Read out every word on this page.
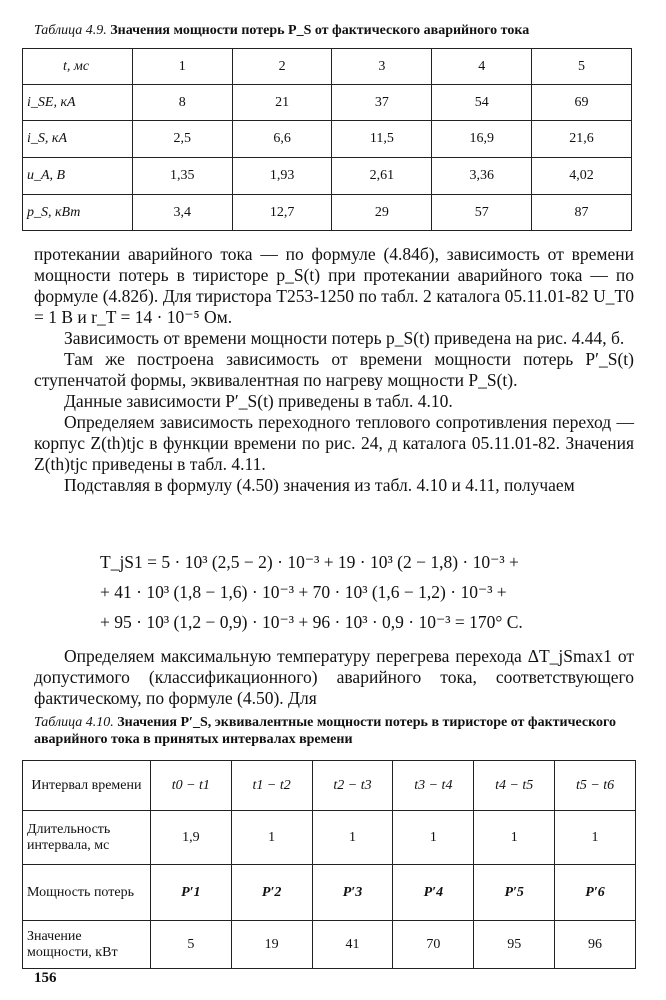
Таблица 4.9. Значения мощности потерь P_S от фактического аварийного тока
t, мс	1	2	3	4	5
i_SE, кА	8	21	37	54	69
i_S, кА	2,5	6,6	11,5	16,9	21,6
u_A, В	1,35	1,93	2,61	3,36	4,02
p_S, кВт	3,4	12,7	29	57	87

протекании аварийного тока — по формуле (4.84б), зависимость от времени мощности потерь в тиристоре p_S(t) при протекании аварийного тока — по формуле (4.82б). Для тиристора Т253-1250 по табл. 2 каталога 05.11.01-82 U_T0 = 1 В и r_T = 14 · 10⁻⁵ Ом.

Зависимость от времени мощности потерь p_S(t) приведена на рис. 4.44, б.

Там же построена зависимость от времени мощности потерь P′_S(t) ступенчатой формы, эквивалентная по нагреву мощности P_S(t).

Данные зависимости P′_S(t) приведены в табл. 4.10.

Определяем зависимость переходного теплового сопротивления переход — корпус Z(th)tjc в функции времени по рис. 24, д каталога 05.11.01-82. Значения Z(th)tjc приведены в табл. 4.11.

Подставляя в формулу (4.50) значения из табл. 4.10 и 4.11, получаем

T_jS1 = 5 · 10³ (2,5 − 2) · 10⁻³ + 19 · 10³ (2 − 1,8) · 10⁻³ +
+ 41 · 10³ (1,8 − 1,6) · 10⁻³ + 70 · 10³ (1,6 − 1,2) · 10⁻³ +
+ 95 · 10³ (1,2 − 0,9) · 10⁻³ + 96 · 10³ · 0,9 · 10⁻³ = 170° C.

Определяем максимальную температуру перегрева перехода ΔT_jSmax1 от допустимого (классификационного) аварийного тока, соответствующего фактическому, по формуле (4.50). Для

Таблица 4.10. Значения P′_S, эквивалентные мощности потерь в тиристоре от фактического аварийного тока в принятых интервалах времени
Интервал времени	t0 − t1	t1 − t2	t2 − t3	t3 − t4	t4 − t5	t5 − t6
Длительность интервала, мс	1,9	1	1	1	1	1
Мощность потерь	P′1	P′2	P′3	P′4	P′5	P′6
Значение мощности, кВт	5	19	41	70	95	96
156
